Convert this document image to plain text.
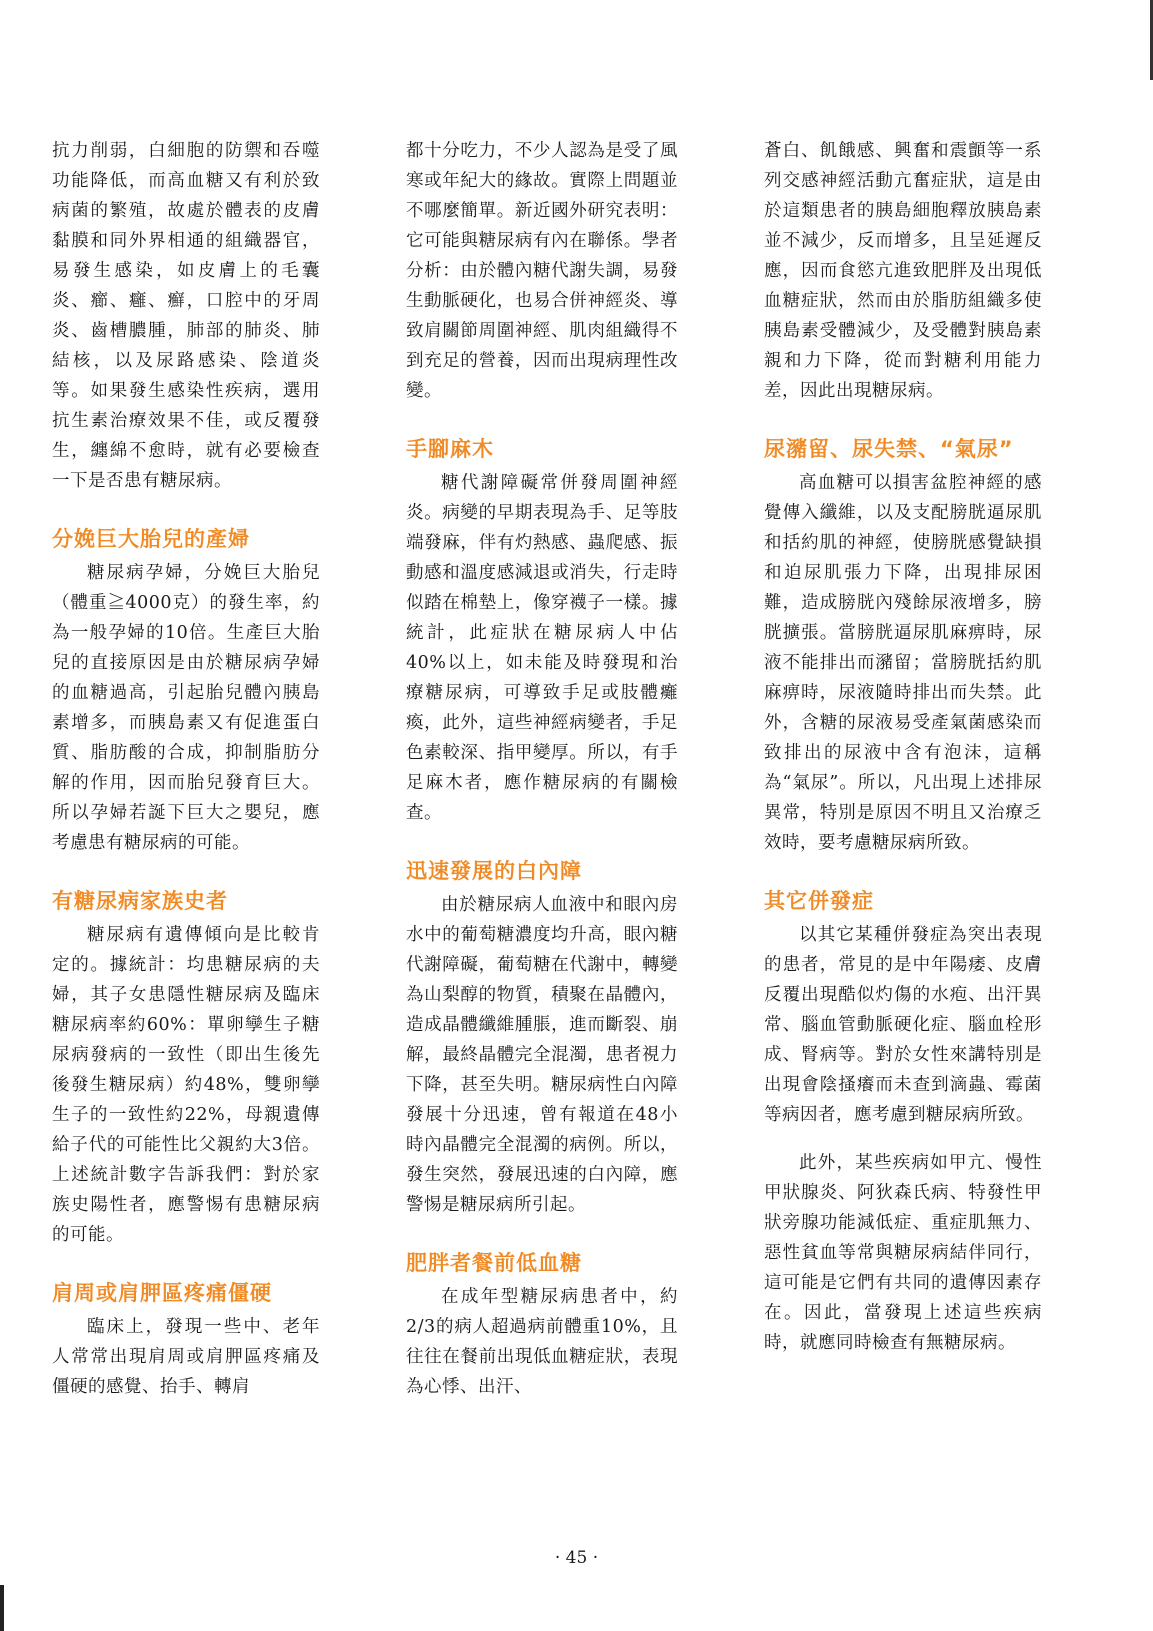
抗力削弱，白細胞的防禦和吞噬功能降低，而高血糖又有利於致病菌的繁殖，故處於體表的皮膚黏膜和同外界相通的組織器官，易發生感染，如皮膚上的毛囊炎、癤、癰、癬，口腔中的牙周炎、齒槽膿腫，肺部的肺炎、肺結核，以及尿路感染、陰道炎等。如果發生感染性疾病，選用抗生素治療效果不佳，或反覆發生，纏綿不愈時，就有必要檢查一下是否患有糖尿病。

分娩巨大胎兒的產婦

糖尿病孕婦，分娩巨大胎兒（體重≧4000克）的發生率，約為一般孕婦的10倍。生產巨大胎兒的直接原因是由於糖尿病孕婦的血糖過高，引起胎兒體內胰島素增多，而胰島素又有促進蛋白質、脂肪酸的合成，抑制脂肪分解的作用，因而胎兒發育巨大。所以孕婦若誕下巨大之嬰兒，應考慮患有糖尿病的可能。

有糖尿病家族史者

糖尿病有遺傳傾向是比較肯定的。據統計：均患糖尿病的夫婦，其子女患隱性糖尿病及臨床糖尿病率約60%：單卵孿生子糖尿病發病的一致性（即出生後先後發生糖尿病）約48%，雙卵孿生子的一致性約22%，母親遺傳給子代的可能性比父親約大3倍。上述統計數字告訴我們：對於家族史陽性者，應警惕有患糖尿病的可能。

肩周或肩胛區疼痛僵硬

臨床上，發現一些中、老年人常常出現肩周或肩胛區疼痛及僵硬的感覺、抬手、轉肩

都十分吃力，不少人認為是受了風寒或年紀大的緣故。實際上問題並不哪麼簡單。新近國外研究表明：它可能與糖尿病有內在聯係。學者分析：由於體內糖代謝失調，易發生動脈硬化，也易合併神經炎、導致肩關節周圍神經、肌肉組織得不到充足的營養，因而出現病理性改變。

手腳麻木

糖代謝障礙常併發周圍神經炎。病變的早期表現為手、足等肢端發麻，伴有灼熱感、蟲爬感、振動感和溫度感減退或消失，行走時似踏在棉墊上，像穿襪子一樣。據統計，此症狀在糖尿病人中佔40%以上，如未能及時發現和治療糖尿病，可導致手足或肢體癱瘓，此外，這些神經病變者，手足色素較深、指甲變厚。所以，有手足麻木者，應作糖尿病的有關檢查。

迅速發展的白內障

由於糖尿病人血液中和眼內房水中的葡萄糖濃度均升高，眼內糖代謝障礙，葡萄糖在代謝中，轉變為山梨醇的物質，積聚在晶體內，造成晶體纖維腫脹，進而斷裂、崩解，最終晶體完全混濁，患者視力下降，甚至失明。糖尿病性白內障發展十分迅速，曾有報道在48小時內晶體完全混濁的病例。所以，發生突然，發展迅速的白內障，應警惕是糖尿病所引起。

肥胖者餐前低血糖

在成年型糖尿病患者中，約2/3的病人超過病前體重10%，且往往在餐前出現低血糖症狀，表現為心悸、出汗、

蒼白、飢餓感、興奮和震顫等一系列交感神經活動亢奮症狀，這是由於這類患者的胰島細胞釋放胰島素並不減少，反而增多，且呈延遲反應，因而食慾亢進致肥胖及出現低血糖症狀，然而由於脂肪組織多使胰島素受體減少，及受體對胰島素親和力下降，從而對糖利用能力差，因此出現糖尿病。

尿瀦留、尿失禁、“氣尿”

高血糖可以損害盆腔神經的感覺傳入纖維，以及支配膀胱逼尿肌和括約肌的神經，使膀胱感覺缺損和迫尿肌張力下降，出現排尿困難，造成膀胱內殘餘尿液增多，膀胱擴張。當膀胱逼尿肌麻痹時，尿液不能排出而瀦留；當膀胱括約肌麻痹時，尿液隨時排出而失禁。此外，含糖的尿液易受產氣菌感染而致排出的尿液中含有泡沫，這稱為“氣尿”。所以，凡出現上述排尿異常，特別是原因不明且又治療乏效時，要考慮糖尿病所致。

其它併發症

以其它某種併發症為突出表現的患者，常見的是中年陽痿、皮膚反覆出現酷似灼傷的水疱、出汗異常、腦血管動脈硬化症、腦血栓形成、腎病等。對於女性來講特別是出現會陰搔癢而未查到滴蟲、霉菌等病因者，應考慮到糖尿病所致。

此外，某些疾病如甲亢、慢性甲狀腺炎、阿狄森氏病、特發性甲狀旁腺功能減低症、重症肌無力、惡性貧血等常與糖尿病結伴同行，這可能是它們有共同的遺傳因素存在。因此，當發現上述這些疾病時，就應同時檢查有無糖尿病。

· 45 ·
